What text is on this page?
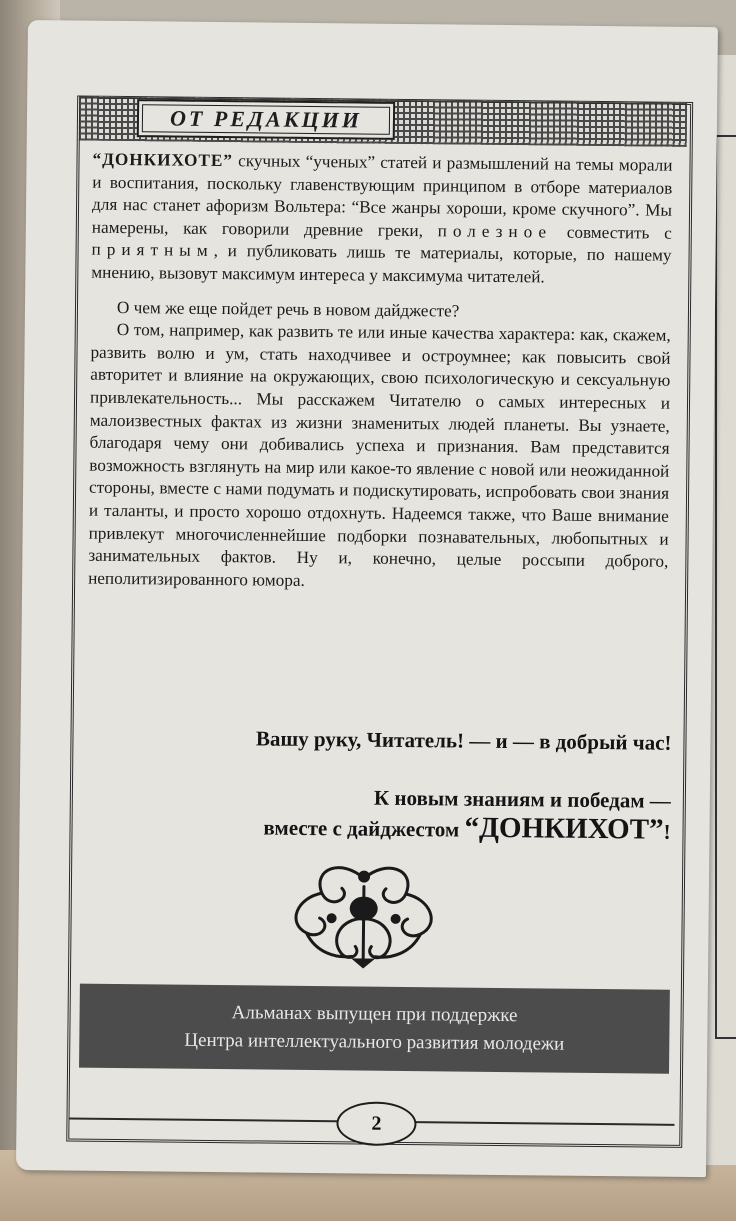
ОТ РЕДАКЦИИ

“ДОНКИХОТЕ” скучных “ученых” статей и размышлений на темы морали и воспитания, поскольку главенствующим принципом в отборе материалов для нас станет афоризм Вольтера: “Все жанры хороши, кроме скучного”. Мы намерены, как говорили древние греки, полезное совместить с приятным, и публиковать лишь те материалы, которые, по нашему мнению, вызовут максимум интереса у максимума читателей.

О чем же еще пойдет речь в новом дайджесте?

О том, например, как развить те или иные качества характера: как, скажем, развить волю и ум, стать находчивее и остроумнее; как повысить свой авторитет и влияние на окружающих, свою психологическую и сексуальную привлекательность... Мы расскажем Читателю о самых интересных и малоизвестных фактах из жизни знаменитых людей планеты. Вы узнаете, благодаря чему они добивались успеха и признания. Вам представится возможность взглянуть на мир или какое-то явление с новой или неожиданной стороны, вместе с нами подумать и подискутировать, испробовать свои знания и таланты, и просто хорошо отдохнуть. Надеемся также, что Ваше внимание привлекут многочисленнейшие подборки познавательных, любопытных и занимательных фактов. Ну и, конечно, целые россыпи доброго, неполитизированного юмора.

Вашу руку, Читатель! — и — в добрый час!
К новым знаниям и победам —
вместе с дайджестом “ДОНКИХОТ”!
Альманах выпущен при поддержке
Центра интеллектуального развития молодежи
2
